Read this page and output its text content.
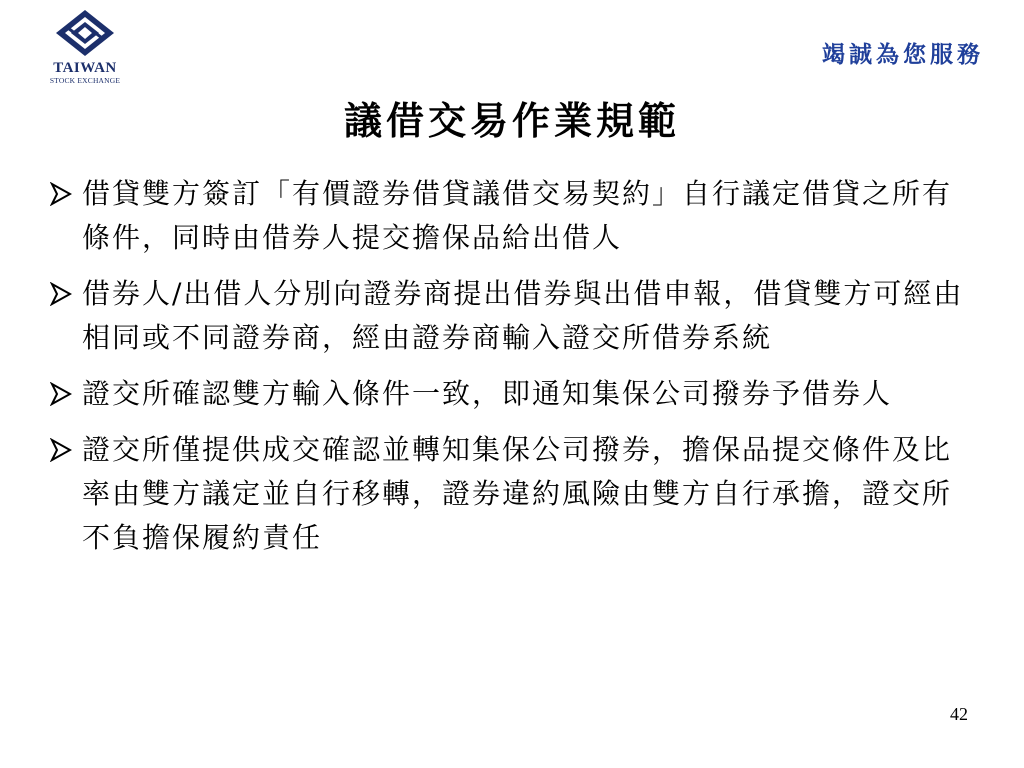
TAIWAN
STOCK EXCHANGE
竭誠為您服務
議借交易作業規範
借貸雙方簽訂「有價證券借貸議借交易契約」自行議定借貸之所有條件，同時由借券人提交擔保品給出借人
借券人/出借人分別向證券商提出借券與出借申報，借貸雙方可經由相同或不同證券商，經由證券商輸入證交所借券系統
證交所確認雙方輸入條件一致，即通知集保公司撥券予借券人
證交所僅提供成交確認並轉知集保公司撥券，擔保品提交條件及比率由雙方議定並自行移轉，證券違約風險由雙方自行承擔，證交所不負擔保履約責任
42
